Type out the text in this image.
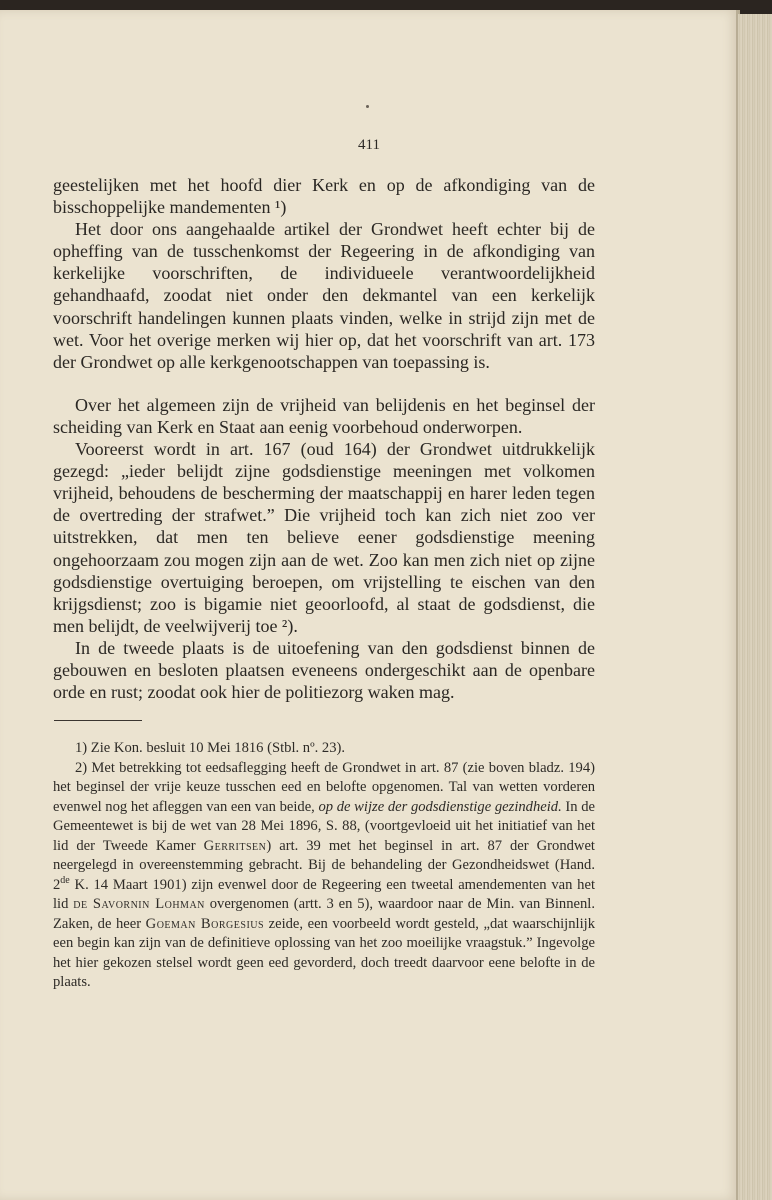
411

geestelijken met het hoofd dier Kerk en op de afkondiging van de bisschoppelijke mandementen ¹)

Het door ons aangehaalde artikel der Grondwet heeft echter bij de opheffing van de tusschenkomst der Regeering in de afkondiging van kerkelijke voorschriften, de individueele verantwoordelijkheid gehandhaafd, zoodat niet onder den dekmantel van een kerkelijk voorschrift handelingen kunnen plaats vinden, welke in strijd zijn met de wet. Voor het overige merken wij hier op, dat het voorschrift van art. 173 der Grondwet op alle kerkgenootschappen van toepassing is.

Over het algemeen zijn de vrijheid van belijdenis en het beginsel der scheiding van Kerk en Staat aan eenig voorbehoud onderworpen.

Vooreerst wordt in art. 167 (oud 164) der Grondwet uitdrukkelijk gezegd: „ieder belijdt zijne godsdienstige meeningen met volkomen vrijheid, behoudens de bescherming der maatschappij en harer leden tegen de overtreding der strafwet.” Die vrijheid toch kan zich niet zoo ver uitstrekken, dat men ten believe eener godsdienstige meening ongehoorzaam zou mogen zijn aan de wet. Zoo kan men zich niet op zijne godsdienstige overtuiging beroepen, om vrijstelling te eischen van den krijgsdienst; zoo is bigamie niet geoorloofd, al staat de godsdienst, die men belijdt, de veelwijverij toe ²).

In de tweede plaats is de uitoefening van den godsdienst binnen de gebouwen en besloten plaatsen eveneens ondergeschikt aan de openbare orde en rust; zoodat ook hier de politiezorg waken mag.

1) Zie Kon. besluit 10 Mei 1816 (Stbl. nº. 23).

2) Met betrekking tot eedsaflegging heeft de Grondwet in art. 87 (zie boven bladz. 194) het beginsel der vrije keuze tusschen eed en belofte opgenomen. Tal van wetten vorderen evenwel nog het afleggen van een van beide, op de wijze der godsdienstige gezindheid. In de Gemeentewet is bij de wet van 28 Mei 1896, S. 88, (voortgevloeid uit het initiatief van het lid der Tweede Kamer Gerritsen) art. 39 met het beginsel in art. 87 der Grondwet neergelegd in overeenstemming gebracht. Bij de behandeling der Gezondheidswet (Hand. 2de K. 14 Maart 1901) zijn evenwel door de Regeering een tweetal amendementen van het lid de Savornin Lohman overgenomen (artt. 3 en 5), waardoor naar de Min. van Binnenl. Zaken, de heer Goeman Borgesius zeide, een voorbeeld wordt gesteld, „dat waarschijnlijk een begin kan zijn van de definitieve oplossing van het zoo moeilijke vraagstuk.” Ingevolge het hier gekozen stelsel wordt geen eed gevorderd, doch treedt daarvoor eene belofte in de plaats.
